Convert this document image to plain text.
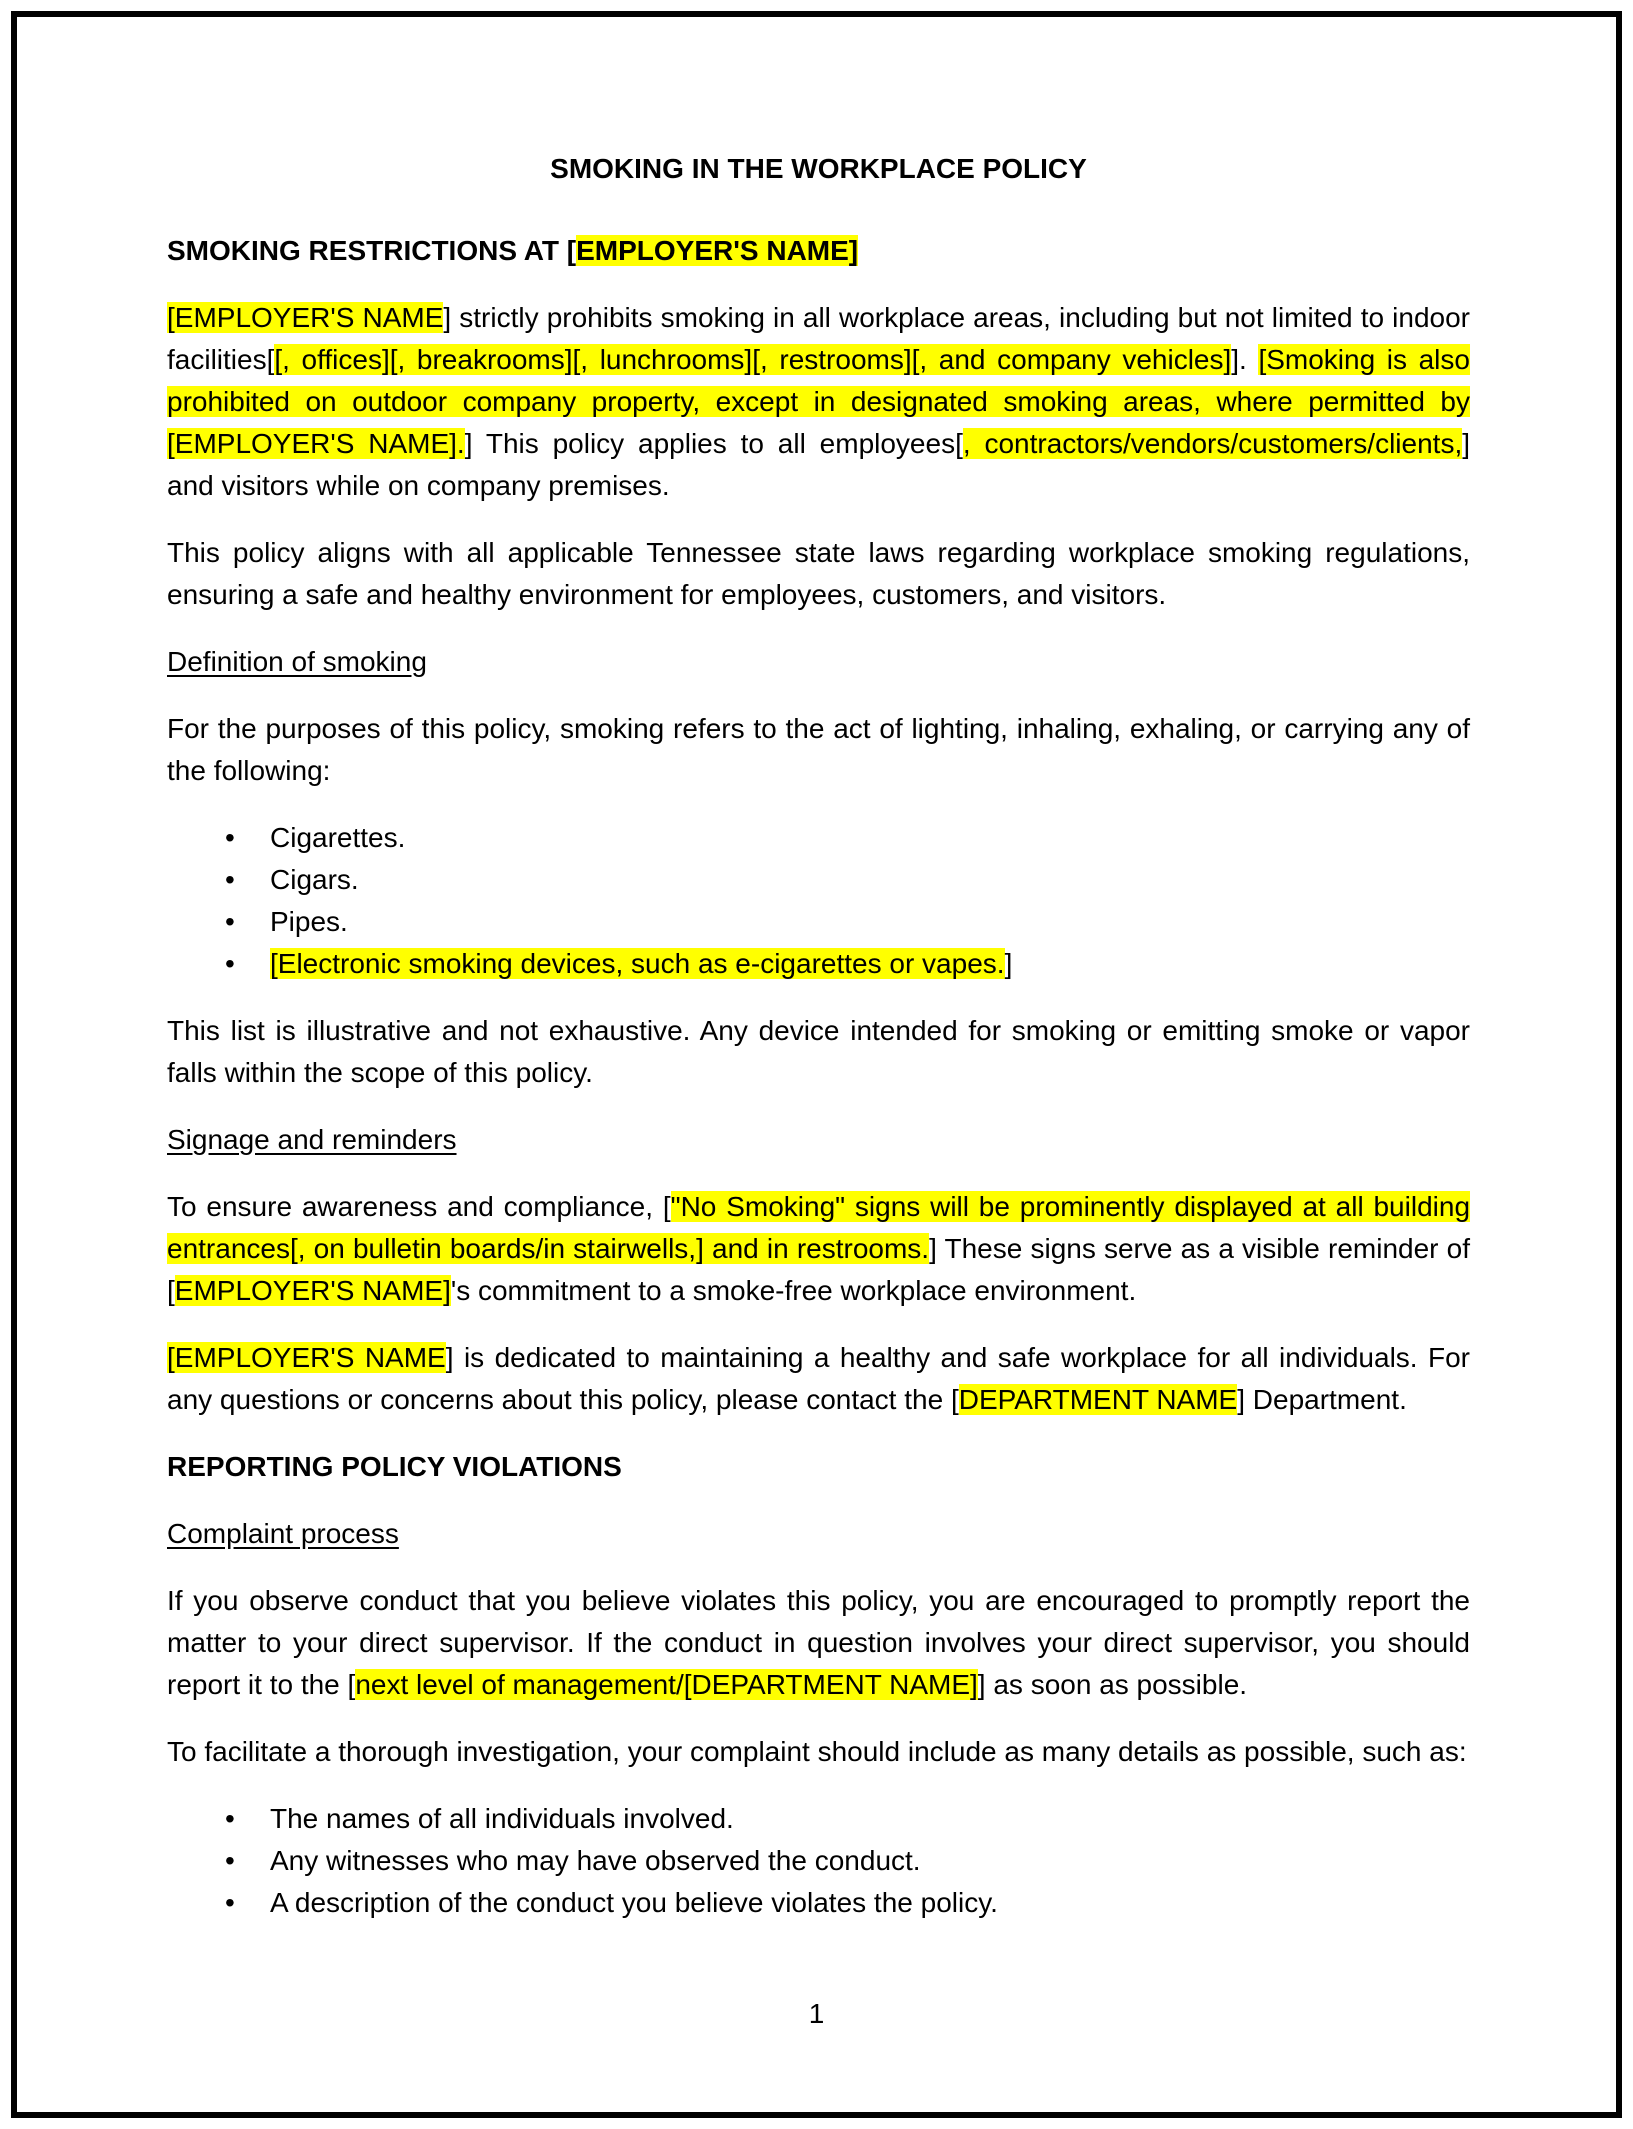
SMOKING IN THE WORKPLACE POLICY
SMOKING RESTRICTIONS AT [EMPLOYER'S NAME]
[EMPLOYER'S NAME] strictly prohibits smoking in all workplace areas, including but not limited to indoor facilities[[, offices][, breakrooms][, lunchrooms][, restrooms][, and company vehicles]]. [Smoking is also prohibited on outdoor company property, except in designated smoking areas, where permitted by [EMPLOYER'S NAME].] This policy applies to all employees[, contractors/vendors/customers/clients,] and visitors while on company premises.
This policy aligns with all applicable Tennessee state laws regarding workplace smoking regulations, ensuring a safe and healthy environment for employees, customers, and visitors.
Definition of smoking
For the purposes of this policy, smoking refers to the act of lighting, inhaling, exhaling, or carrying any of the following:
• Cigarettes.
• Cigars.
• Pipes.
• [Electronic smoking devices, such as e-cigarettes or vapes.]
This list is illustrative and not exhaustive. Any device intended for smoking or emitting smoke or vapor falls within the scope of this policy.
Signage and reminders
To ensure awareness and compliance, ["No Smoking" signs will be prominently displayed at all building entrances[, on bulletin boards/in stairwells,] and in restrooms.] These signs serve as a visible reminder of [EMPLOYER'S NAME]'s commitment to a smoke-free workplace environment.
[EMPLOYER'S NAME] is dedicated to maintaining a healthy and safe workplace for all individuals. For any questions or concerns about this policy, please contact the [DEPARTMENT NAME] Department.
REPORTING POLICY VIOLATIONS
Complaint process
If you observe conduct that you believe violates this policy, you are encouraged to promptly report the matter to your direct supervisor. If the conduct in question involves your direct supervisor, you should report it to the [next level of management/[DEPARTMENT NAME]] as soon as possible.
To facilitate a thorough investigation, your complaint should include as many details as possible, such as:
• The names of all individuals involved.
• Any witnesses who may have observed the conduct.
• A description of the conduct you believe violates the policy.
1
